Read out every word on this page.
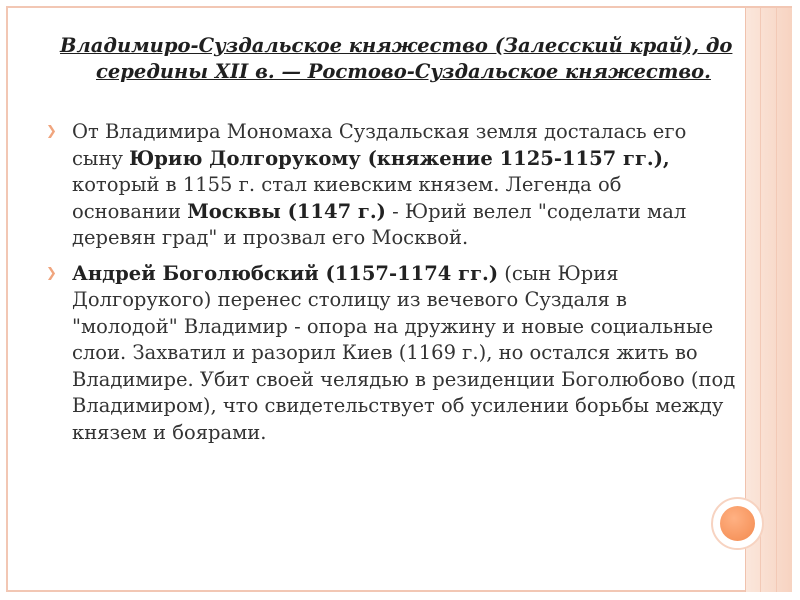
Владимиро-Суздальское княжество (Залесский край), до
середины XII в. — Ростово-Суздальское княжество.
❯ От Владимира Мономаха Суздальская земля досталась его сыну Юрию Долгорукому (княжение 1125-1157 гг.), который в 1155 г. стал киевским князем. Легенда об основании Москвы (1147 г.) - Юрий велел "соделати мал деревян град" и прозвал его Москвой.
❯ Андрей Боголюбский (1157-1174 гг.) (сын Юрия Долгорукого) перенес столицу из вечевого Суздаля в "молодой" Владимир - опора на дружину и новые социальные слои. Захватил и разорил Киев (1169 г.), но остался жить во Владимире. Убит своей челядью в резиденции Боголюбово (под Владимиром), что свидетельствует об усилении борьбы между князем и боярами.
